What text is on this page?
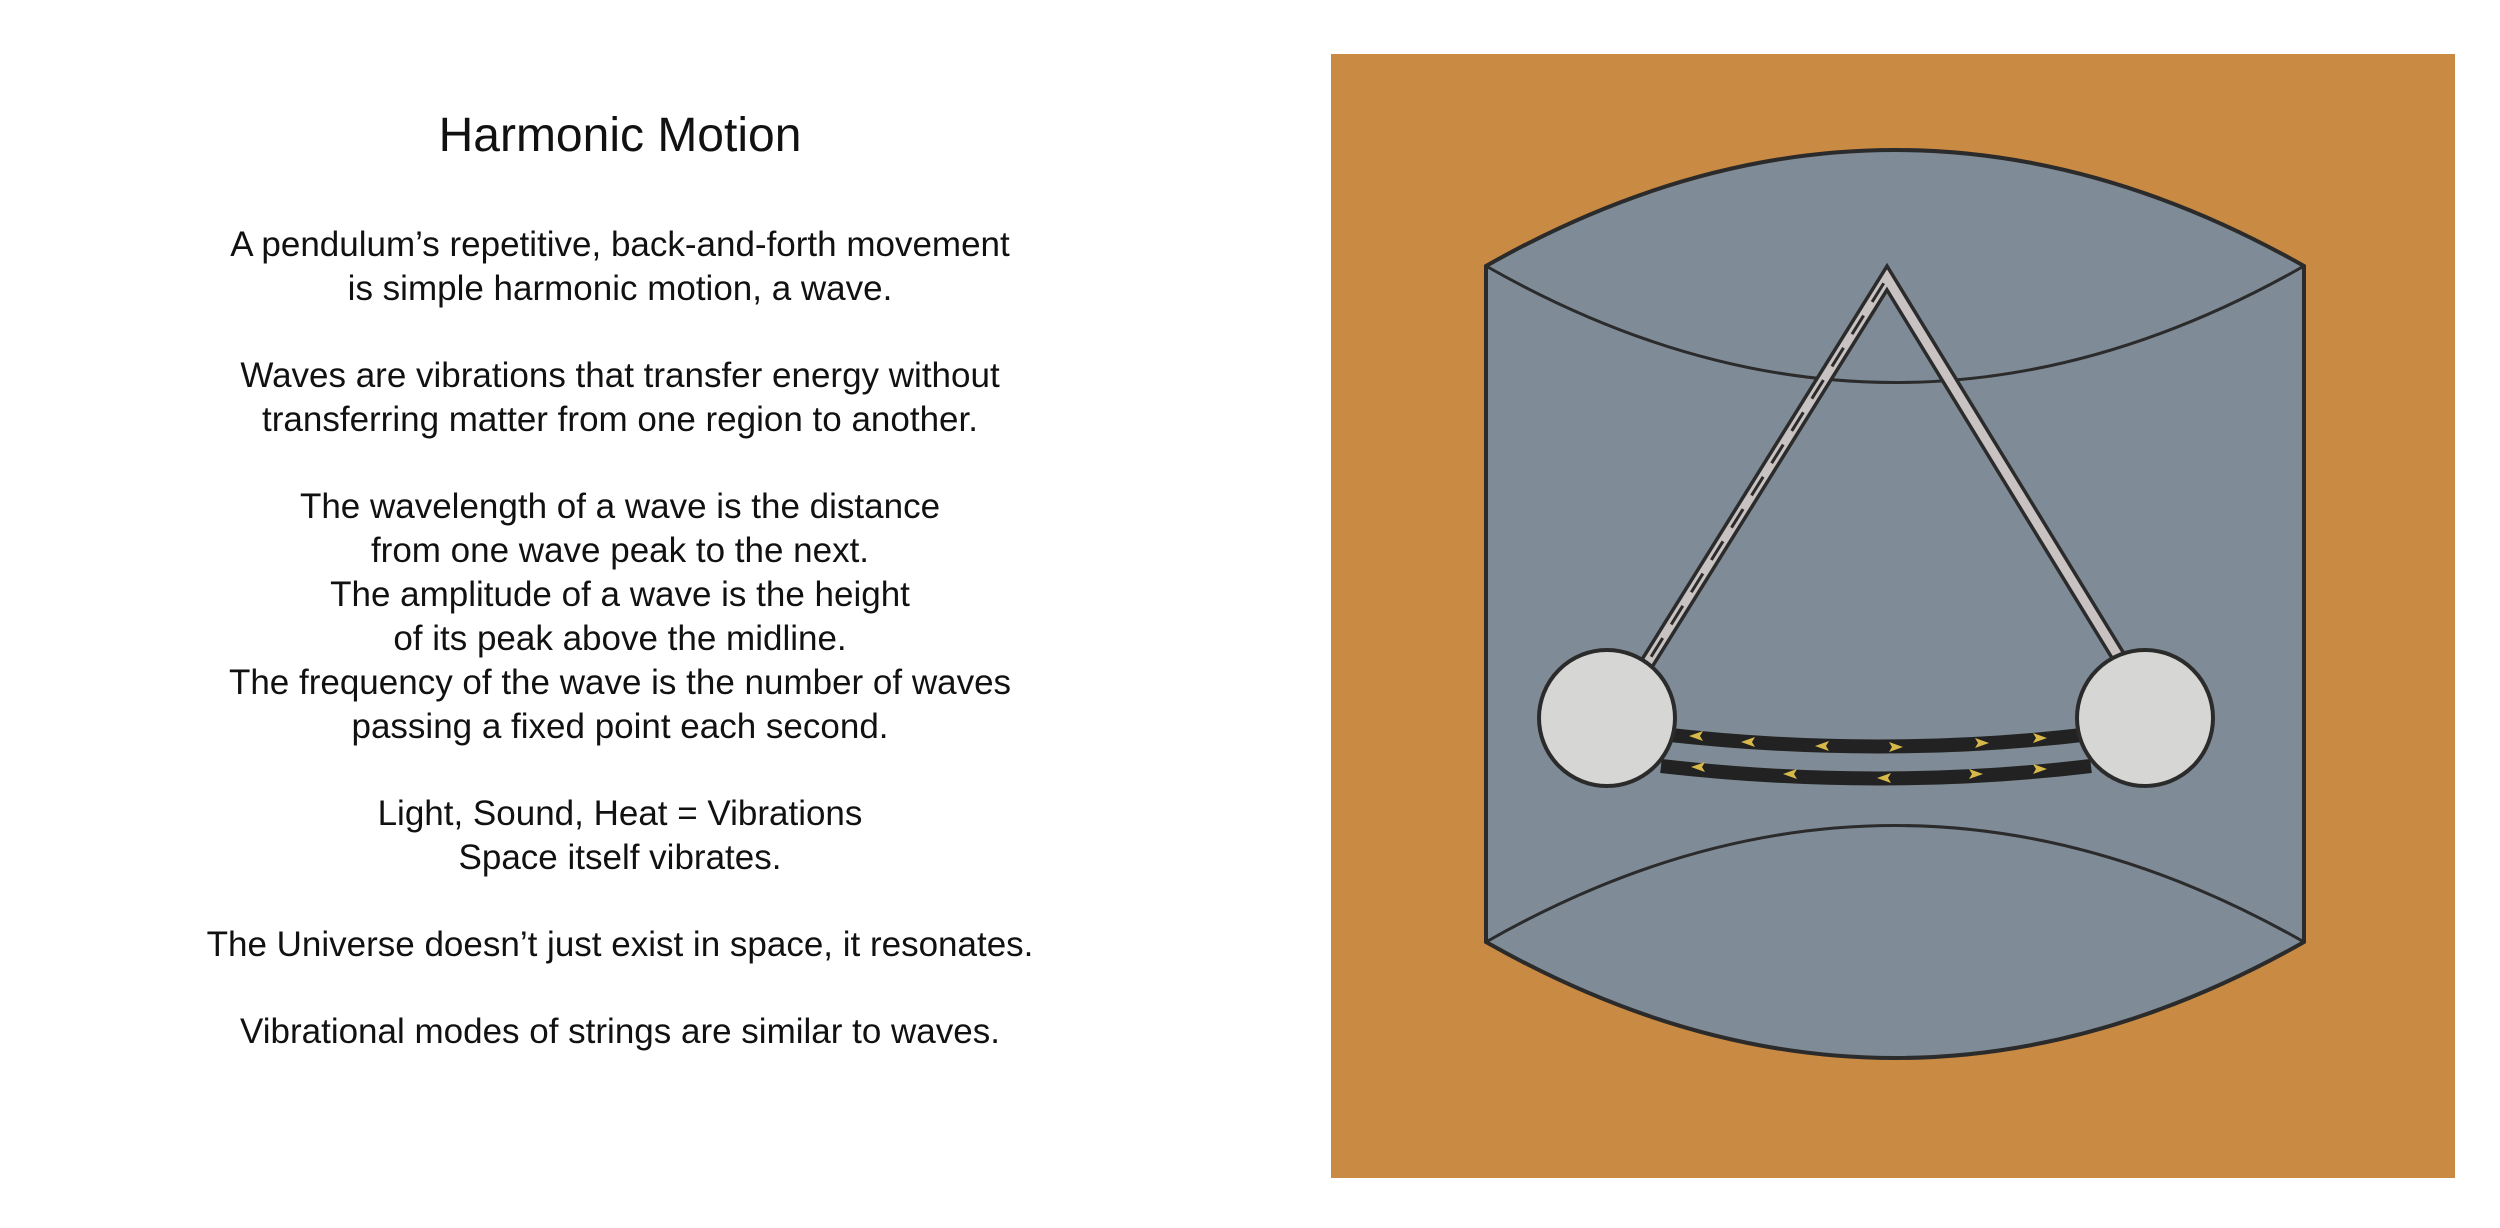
Harmonic Motion

A pendulum’s repetitive, back-and-forth movement
is simple harmonic motion, a wave.

Waves are vibrations that transfer energy without
transferring matter from one region to another.

The wavelength of a wave is the distance
from one wave peak to the next.
The amplitude of a wave is the height
of its peak above the midline.
The frequency of the wave is the number of waves
passing a fixed point each second.

Light, Sound, Heat = Vibrations
Space itself vibrates.

The Universe doesn’t just exist in space, it resonates.

Vibrational modes of strings are similar to waves.
